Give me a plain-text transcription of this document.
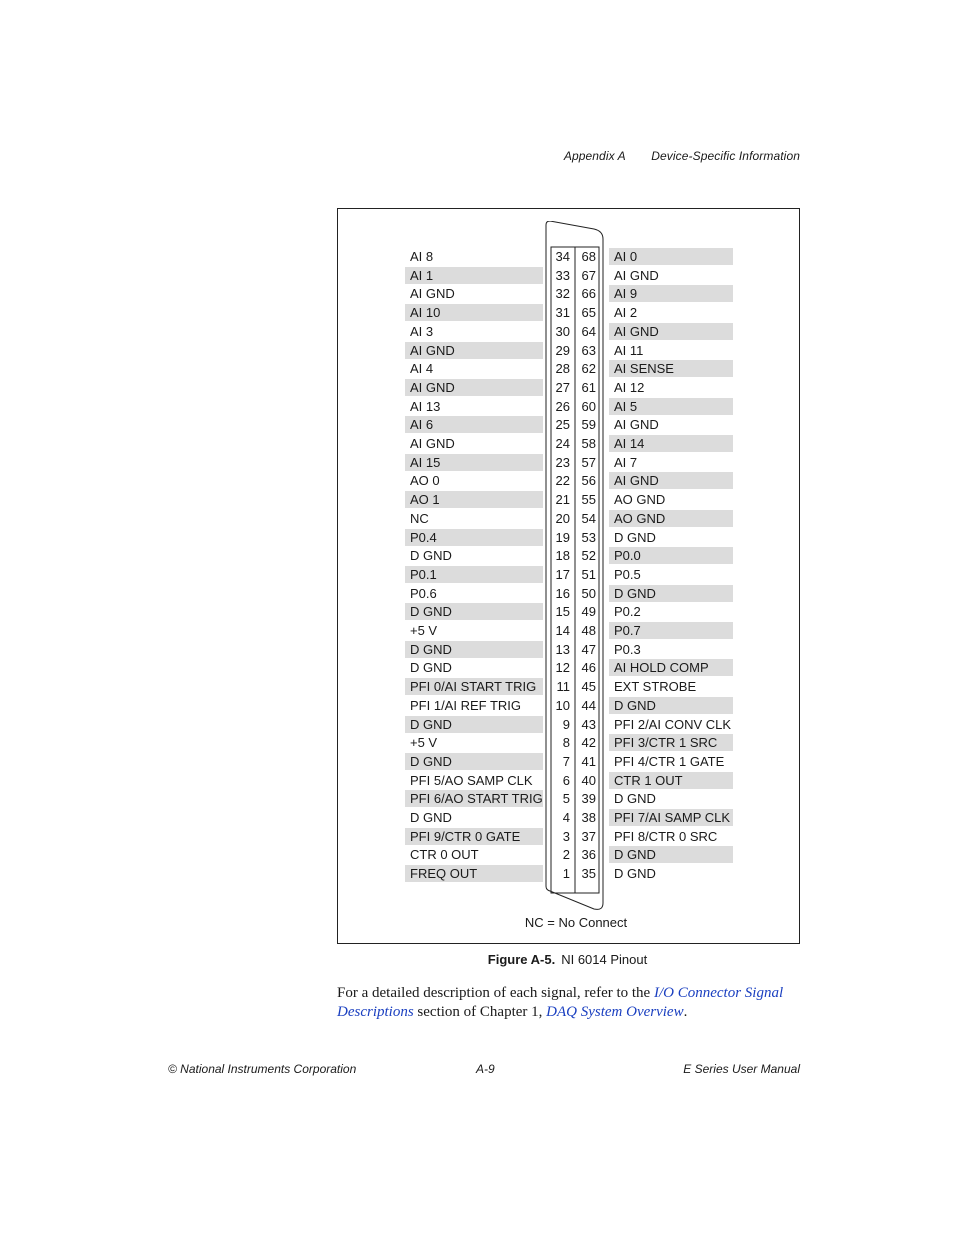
Appendix A Device-Specific Information
AI 8	34 68	AI 0
AI 1	33 67	AI GND
AI GND	32 66	AI 9
AI 10	31 65	AI 2
AI 3	30 64	AI GND
AI GND	29 63	AI 11
AI 4	28 62	AI SENSE
AI GND	27 61	AI 12
AI 13	26 60	AI 5
AI 6	25 59	AI GND
AI GND	24 58	AI 14
AI 15	23 57	AI 7
AO 0	22 56	AI GND
AO 1	21 55	AO GND
NC	20 54	AO GND
P0.4	19 53	D GND
D GND	18 52	P0.0
P0.1	17 51	P0.5
P0.6	16 50	D GND
D GND	15 49	P0.2
+5 V	14 48	P0.7
D GND	13 47	P0.3
D GND	12 46	AI HOLD COMP
PFI 0/AI START TRIG	11 45	EXT STROBE
PFI 1/AI REF TRIG	10 44	D GND
D GND	9 43	PFI 2/AI CONV CLK
+5 V	8 42	PFI 3/CTR 1 SRC
D GND	7 41	PFI 4/CTR 1 GATE
PFI 5/AO SAMP CLK	6 40	CTR 1 OUT
PFI 6/AO START TRIG	5 39	D GND
D GND	4 38	PFI 7/AI SAMP CLK
PFI 9/CTR 0 GATE	3 37	PFI 8/CTR 0 SRC
CTR 0 OUT	2 36	D GND
FREQ OUT	1 35	D GND
NC = No Connect
Figure A-5. NI 6014 Pinout
For a detailed description of each signal, refer to the I/O Connector Signal Descriptions section of Chapter 1, DAQ System Overview.
© National Instruments Corporation	A-9	E Series User Manual
